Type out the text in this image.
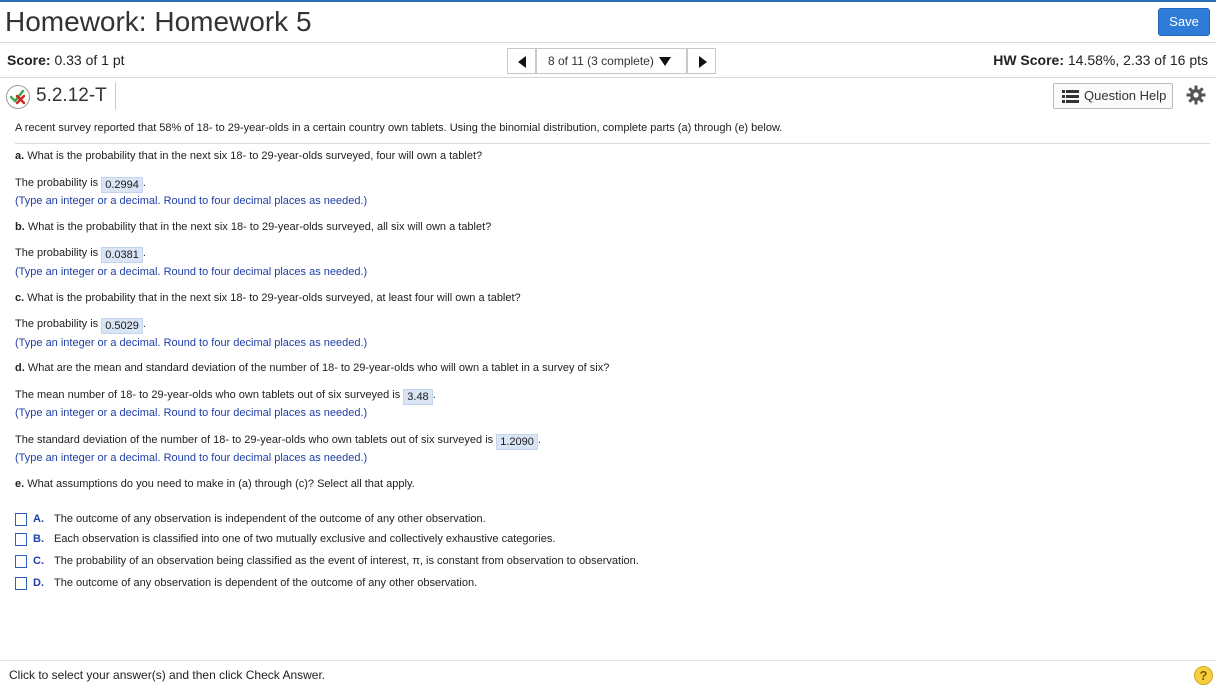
Homework: Homework 5	Save
Score: 0.33 of 1 pt	8 of 11 (3 complete)	HW Score: 14.58%, 2.33 of 16 pts
5.2.12-T	Question Help
A recent survey reported that 58% of 18- to 29-year-olds in a certain country own tablets. Using the binomial distribution, complete parts (a) through (e) below.
a. What is the probability that in the next six 18- to 29-year-olds surveyed, four will own a tablet?
The probability is 0.2994 .
(Type an integer or a decimal. Round to four decimal places as needed.)
b. What is the probability that in the next six 18- to 29-year-olds surveyed, all six will own a tablet?
The probability is 0.0381 .
(Type an integer or a decimal. Round to four decimal places as needed.)
c. What is the probability that in the next six 18- to 29-year-olds surveyed, at least four will own a tablet?
The probability is 0.5029 .
(Type an integer or a decimal. Round to four decimal places as needed.)
d. What are the mean and standard deviation of the number of 18- to 29-year-olds who will own a tablet in a survey of six?
The mean number of 18- to 29-year-olds who own tablets out of six surveyed is 3.48 .
(Type an integer or a decimal. Round to four decimal places as needed.)
The standard deviation of the number of 18- to 29-year-olds who own tablets out of six surveyed is 1.2090 .
(Type an integer or a decimal. Round to four decimal places as needed.)
e. What assumptions do you need to make in (a) through (c)? Select all that apply.
A. The outcome of any observation is independent of the outcome of any other observation.
B. Each observation is classified into one of two mutually exclusive and collectively exhaustive categories.
C. The probability of an observation being classified as the event of interest, π, is constant from observation to observation.
D. The outcome of any observation is dependent of the outcome of any other observation.
Click to select your answer(s) and then click Check Answer.	?
